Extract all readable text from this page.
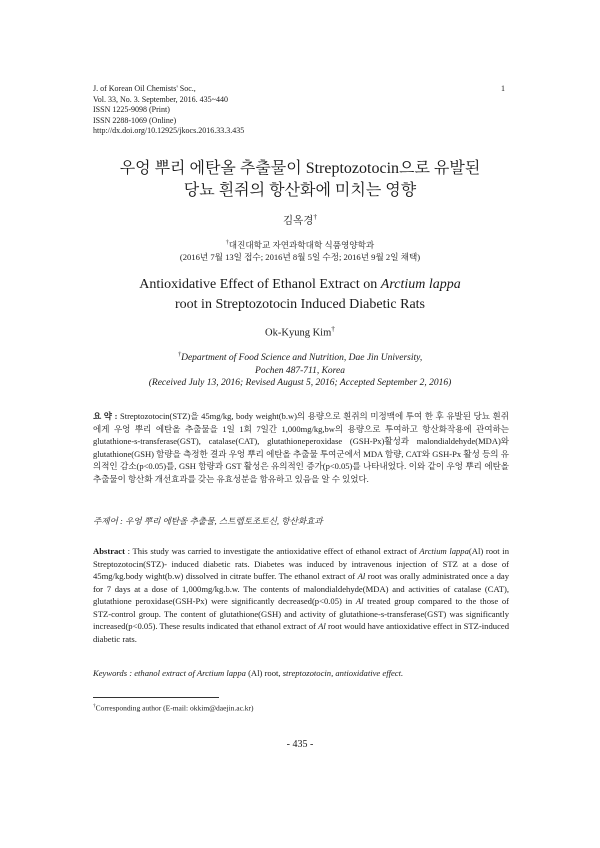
J. of Korean Oil Chemists' Soc.,
Vol. 33, No. 3. September, 2016. 435~440
ISSN 1225-9098 (Print)
ISSN 2288-1069 (Online)
http://dx.doi.org/10.12925/jkocs.2016.33.3.435
1
우엉 뿌리 에탄올 추출물이 Streptozotocin으로 유발된
당뇨 흰쥐의 항산화에 미치는 영향
김옥경†
†대진대학교 자연과학대학 식품영양학과
(2016년 7월 13일 접수; 2016년 8월 5일 수정; 2016년 9월 2일 채택)
Antioxidative Effect of Ethanol Extract on Arctium lappa
root in Streptozotocin Induced Diabetic Rats
Ok-Kyung Kim†
†Department of Food Science and Nutrition, Dae Jin University,
Pochen 487-711, Korea
(Received July 13, 2016; Revised August 5, 2016; Accepted September 2, 2016)
요 약 : Streptozotocin(STZ)을 45mg/kg, body weight(b.w)의 용량으로 흰쥐의 미정맥에 투여 한 후 유발된 당뇨 흰쥐에게 우엉 뿌리 에탄올 추출물을 1일 1회 7일간 1,000mg/kg,bw의 용량으로 투여하고 항산화작용에 관여하는 glutathione-s-transferase(GST), catalase(CAT), glutathioneperoxidase (GSH-Px)활성과 malondialdehyde(MDA)와 glutathione(GSH) 함량을 측정한 결과 우엉 뿌리 에탄올 추출물 투여군에서 MDA 함량, CAT와 GSH-Px 활성 등의 유의적인 감소(p<0.05)를, GSH 함량과 GST 활성은 유의적인 증가(p<0.05)를 나타내었다. 이와 같이 우엉 뿌리 에탄올 추출물이 항산화 개선효과를 갖는 유효성분을 함유하고 있음을 알 수 있었다.
주제어 : 우엉 뿌리 에탄올 추출물, 스트렙토조토신, 항산화효과
Abstract : This study was carried to investigate the antioxidative effect of ethanol extract of Arctium lappa(Al) root in Streptozotocin(STZ)- induced diabetic rats. Diabetes was induced by intravenous injection of STZ at a dose of 45mg/kg.body wight(b.w) dissolved in citrate buffer. The ethanol extract of Al root was orally administrated once a day for 7 days at a dose of 1,000mg/kg.b.w. The contents of malondialdehyde(MDA) and activities of catalase (CAT), glutathione peroxidase(GSH-Px) were significantly decreased(p<0.05) in Al treated group compared to the those of STZ-control group. The content of glutathione(GSH) and activity of glutathione-s-transferase(GST) was significantly increased(p<0.05). These results indicated that ethanol extract of Al root would have antioxidative effect in STZ-induced diabetic rats.
Keywords : ethanol extract of Arctium lappa (Al) root, streptozotocin, antioxidative effect.
†Corresponding author (E-mail: okkim@daejin.ac.kr)
- 435 -
